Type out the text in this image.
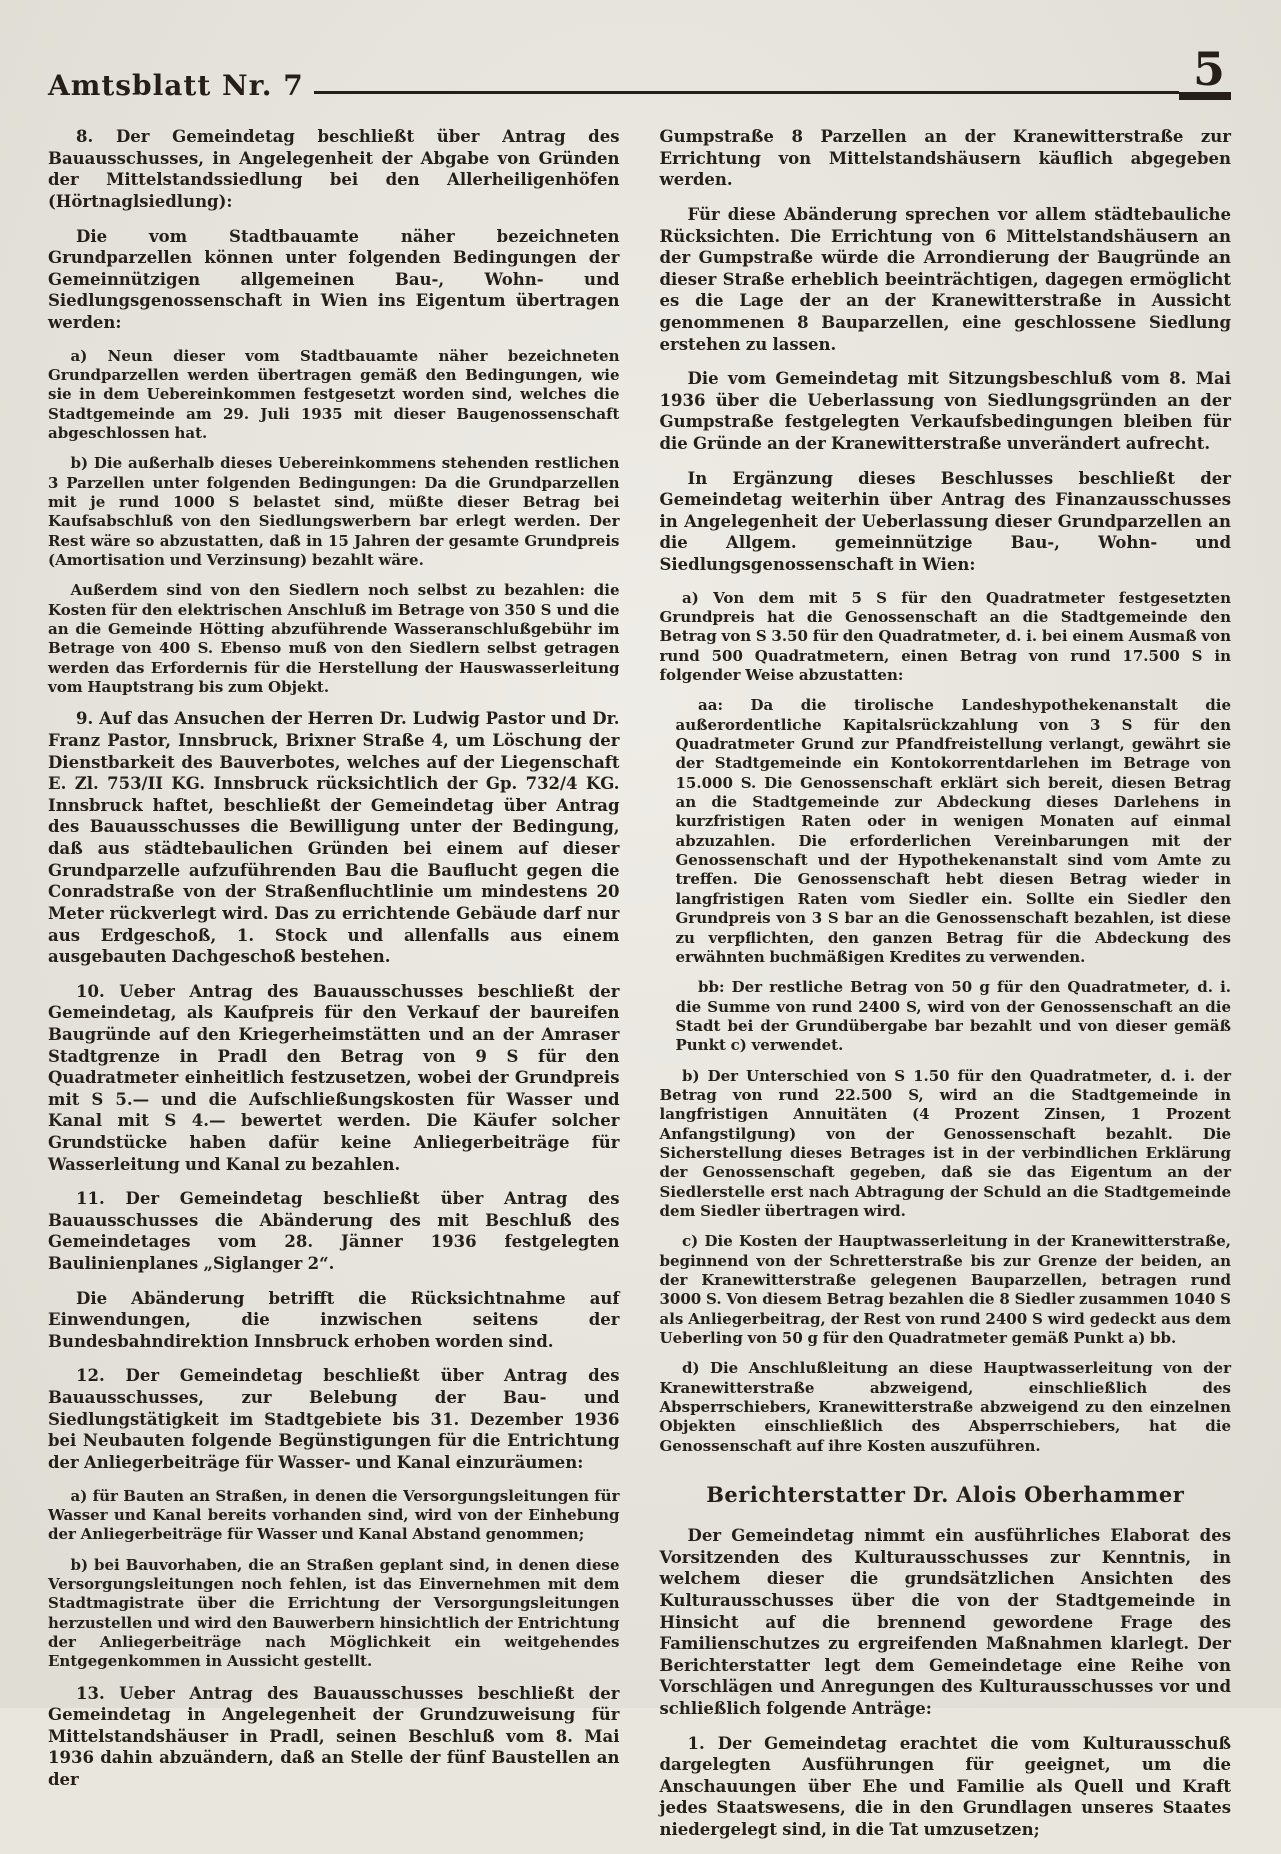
Amtsblatt Nr. 7	5

8. Der Gemeindetag beschließt über Antrag des Bauausschusses, in Angelegenheit der Abgabe von Gründen der Mittelstandssiedlung bei den Allerheiligenhöfen (Hörtnaglsiedlung):

Die vom Stadtbauamte näher bezeichneten Grundparzellen können unter folgenden Bedingungen der Gemeinnützigen allgemeinen Bau-, Wohn- und Siedlungsgenossenschaft in Wien ins Eigentum übertragen werden:

a) Neun dieser vom Stadtbauamte näher bezeichneten Grundparzellen werden übertragen gemäß den Bedingungen, wie sie in dem Uebereinkommen festgesetzt worden sind, welches die Stadtgemeinde am 29. Juli 1935 mit dieser Baugenossenschaft abgeschlossen hat.

b) Die außerhalb dieses Uebereinkommens stehenden restlichen 3 Parzellen unter folgenden Bedingungen: Da die Grundparzellen mit je rund 1000 S belastet sind, müßte dieser Betrag bei Kaufsabschluß von den Siedlungswerbern bar erlegt werden. Der Rest wäre so abzustatten, daß in 15 Jahren der gesamte Grundpreis (Amortisation und Verzinsung) bezahlt wäre.

Außerdem sind von den Siedlern noch selbst zu bezahlen: die Kosten für den elektrischen Anschluß im Betrage von 350 S und die an die Gemeinde Hötting abzuführende Wasseranschlußgebühr im Betrage von 400 S. Ebenso muß von den Siedlern selbst getragen werden das Erfordernis für die Herstellung der Hauswasserleitung vom Hauptstrang bis zum Objekt.

9. Auf das Ansuchen der Herren Dr. Ludwig Pastor und Dr. Franz Pastor, Innsbruck, Brixner Straße 4, um Löschung der Dienstbarkeit des Bauverbotes, welches auf der Liegenschaft E. Zl. 753/II KG. Innsbruck rücksichtlich der Gp. 732/4 KG. Innsbruck haftet, beschließt der Gemeindetag über Antrag des Bauausschusses die Bewilligung unter der Bedingung, daß aus städtebaulichen Gründen bei einem auf dieser Grundparzelle aufzuführenden Bau die Bauflucht gegen die Conradstraße von der Straßenfluchtlinie um mindestens 20 Meter rückverlegt wird. Das zu errichtende Gebäude darf nur aus Erdgeschoß, 1. Stock und allenfalls aus einem ausgebauten Dachgeschoß bestehen.

10. Ueber Antrag des Bauausschusses beschließt der Gemeindetag, als Kaufpreis für den Verkauf der baureifen Baugründe auf den Kriegerheimstätten und an der Amraser Stadtgrenze in Pradl den Betrag von 9 S für den Quadratmeter einheitlich festzusetzen, wobei der Grundpreis mit S 5.— und die Aufschließungskosten für Wasser und Kanal mit S 4.— bewertet werden. Die Käufer solcher Grundstücke haben dafür keine Anliegerbeiträge für Wasserleitung und Kanal zu bezahlen.

11. Der Gemeindetag beschließt über Antrag des Bauausschusses die Abänderung des mit Beschluß des Gemeindetages vom 28. Jänner 1936 festgelegten Baulinienplanes „Siglanger 2“.

Die Abänderung betrifft die Rücksichtnahme auf Einwendungen, die inzwischen seitens der Bundesbahndirektion Innsbruck erhoben worden sind.

12. Der Gemeindetag beschließt über Antrag des Bauausschusses, zur Belebung der Bau- und Siedlungstätigkeit im Stadtgebiete bis 31. Dezember 1936 bei Neubauten folgende Begünstigungen für die Entrichtung der Anliegerbeiträge für Wasser- und Kanal einzuräumen:

a) für Bauten an Straßen, in denen die Versorgungsleitungen für Wasser und Kanal bereits vorhanden sind, wird von der Einhebung der Anliegerbeiträge für Wasser und Kanal Abstand genommen;

b) bei Bauvorhaben, die an Straßen geplant sind, in denen diese Versorgungsleitungen noch fehlen, ist das Einvernehmen mit dem Stadtmagistrate über die Errichtung der Versorgungsleitungen herzustellen und wird den Bauwerbern hinsichtlich der Entrichtung der Anliegerbeiträge nach Möglichkeit ein weitgehendes Entgegenkommen in Aussicht gestellt.

13. Ueber Antrag des Bauausschusses beschließt der Gemeindetag in Angelegenheit der Grundzuweisung für Mittelstandshäuser in Pradl, seinen Beschluß vom 8. Mai 1936 dahin abzuändern, daß an Stelle der fünf Baustellen an der

Gumpstraße 8 Parzellen an der Kranewitterstraße zur Errichtung von Mittelstandshäusern käuflich abgegeben werden.

Für diese Abänderung sprechen vor allem städtebauliche Rücksichten. Die Errichtung von 6 Mittelstandshäusern an der Gumpstraße würde die Arrondierung der Baugründe an dieser Straße erheblich beeinträchtigen, dagegen ermöglicht es die Lage der an der Kranewitterstraße in Aussicht genommenen 8 Bauparzellen, eine geschlossene Siedlung erstehen zu lassen.

Die vom Gemeindetag mit Sitzungsbeschluß vom 8. Mai 1936 über die Ueberlassung von Siedlungsgründen an der Gumpstraße festgelegten Verkaufsbedingungen bleiben für die Gründe an der Kranewitterstraße unverändert aufrecht.

In Ergänzung dieses Beschlusses beschließt der Gemeindetag weiterhin über Antrag des Finanzausschusses in Angelegenheit der Ueberlassung dieser Grundparzellen an die Allgem. gemeinnützige Bau-, Wohn- und Siedlungsgenossenschaft in Wien:

a) Von dem mit 5 S für den Quadratmeter festgesetzten Grundpreis hat die Genossenschaft an die Stadtgemeinde den Betrag von S 3.50 für den Quadratmeter, d. i. bei einem Ausmaß von rund 500 Quadratmetern, einen Betrag von rund 17.500 S in folgender Weise abzustatten:

aa: Da die tirolische Landeshypothekenanstalt die außerordentliche Kapitalsrückzahlung von 3 S für den Quadratmeter Grund zur Pfandfreistellung verlangt, gewährt sie der Stadtgemeinde ein Kontokorrentdarlehen im Betrage von 15.000 S. Die Genossenschaft erklärt sich bereit, diesen Betrag an die Stadtgemeinde zur Abdeckung dieses Darlehens in kurzfristigen Raten oder in wenigen Monaten auf einmal abzuzahlen. Die erforderlichen Vereinbarungen mit der Genossenschaft und der Hypothekenanstalt sind vom Amte zu treffen. Die Genossenschaft hebt diesen Betrag wieder in langfristigen Raten vom Siedler ein. Sollte ein Siedler den Grundpreis von 3 S bar an die Genossenschaft bezahlen, ist diese zu verpflichten, den ganzen Betrag für die Abdeckung des erwähnten buchmäßigen Kredites zu verwenden.

bb: Der restliche Betrag von 50 g für den Quadratmeter, d. i. die Summe von rund 2400 S, wird von der Genossenschaft an die Stadt bei der Grundübergabe bar bezahlt und von dieser gemäß Punkt c) verwendet.

b) Der Unterschied von S 1.50 für den Quadratmeter, d. i. der Betrag von rund 22.500 S, wird an die Stadtgemeinde in langfristigen Annuitäten (4 Prozent Zinsen, 1 Prozent Anfangstilgung) von der Genossenschaft bezahlt. Die Sicherstellung dieses Betrages ist in der verbindlichen Erklärung der Genossenschaft gegeben, daß sie das Eigentum an der Siedlerstelle erst nach Abtragung der Schuld an die Stadtgemeinde dem Siedler übertragen wird.

c) Die Kosten der Hauptwasserleitung in der Kranewitterstraße, beginnend von der Schretterstraße bis zur Grenze der beiden, an der Kranewitterstraße gelegenen Bauparzellen, betragen rund 3000 S. Von diesem Betrag bezahlen die 8 Siedler zusammen 1040 S als Anliegerbeitrag, der Rest von rund 2400 S wird gedeckt aus dem Ueberling von 50 g für den Quadratmeter gemäß Punkt a) bb.

d) Die Anschlußleitung an diese Hauptwasserleitung von der Kranewitterstraße abzweigend, einschließlich des Absperrschiebers, Kranewitterstraße abzweigend zu den einzelnen Objekten einschließlich des Absperrschiebers, hat die Genossenschaft auf ihre Kosten auszuführen.

Berichterstatter Dr. Alois Oberhammer

Der Gemeindetag nimmt ein ausführliches Elaborat des Vorsitzenden des Kulturausschusses zur Kenntnis, in welchem dieser die grundsätzlichen Ansichten des Kulturausschusses über die von der Stadtgemeinde in Hinsicht auf die brennend gewordene Frage des Familienschutzes zu ergreifenden Maßnahmen klarlegt. Der Berichterstatter legt dem Gemeindetage eine Reihe von Vorschlägen und Anregungen des Kulturausschusses vor und schließlich folgende Anträge:

1. Der Gemeindetag erachtet die vom Kulturausschuß dargelegten Ausführungen für geeignet, um die Anschauungen über Ehe und Familie als Quell und Kraft jedes Staatswesens, die in den Grundlagen unseres Staates niedergelegt sind, in die Tat umzusetzen;
